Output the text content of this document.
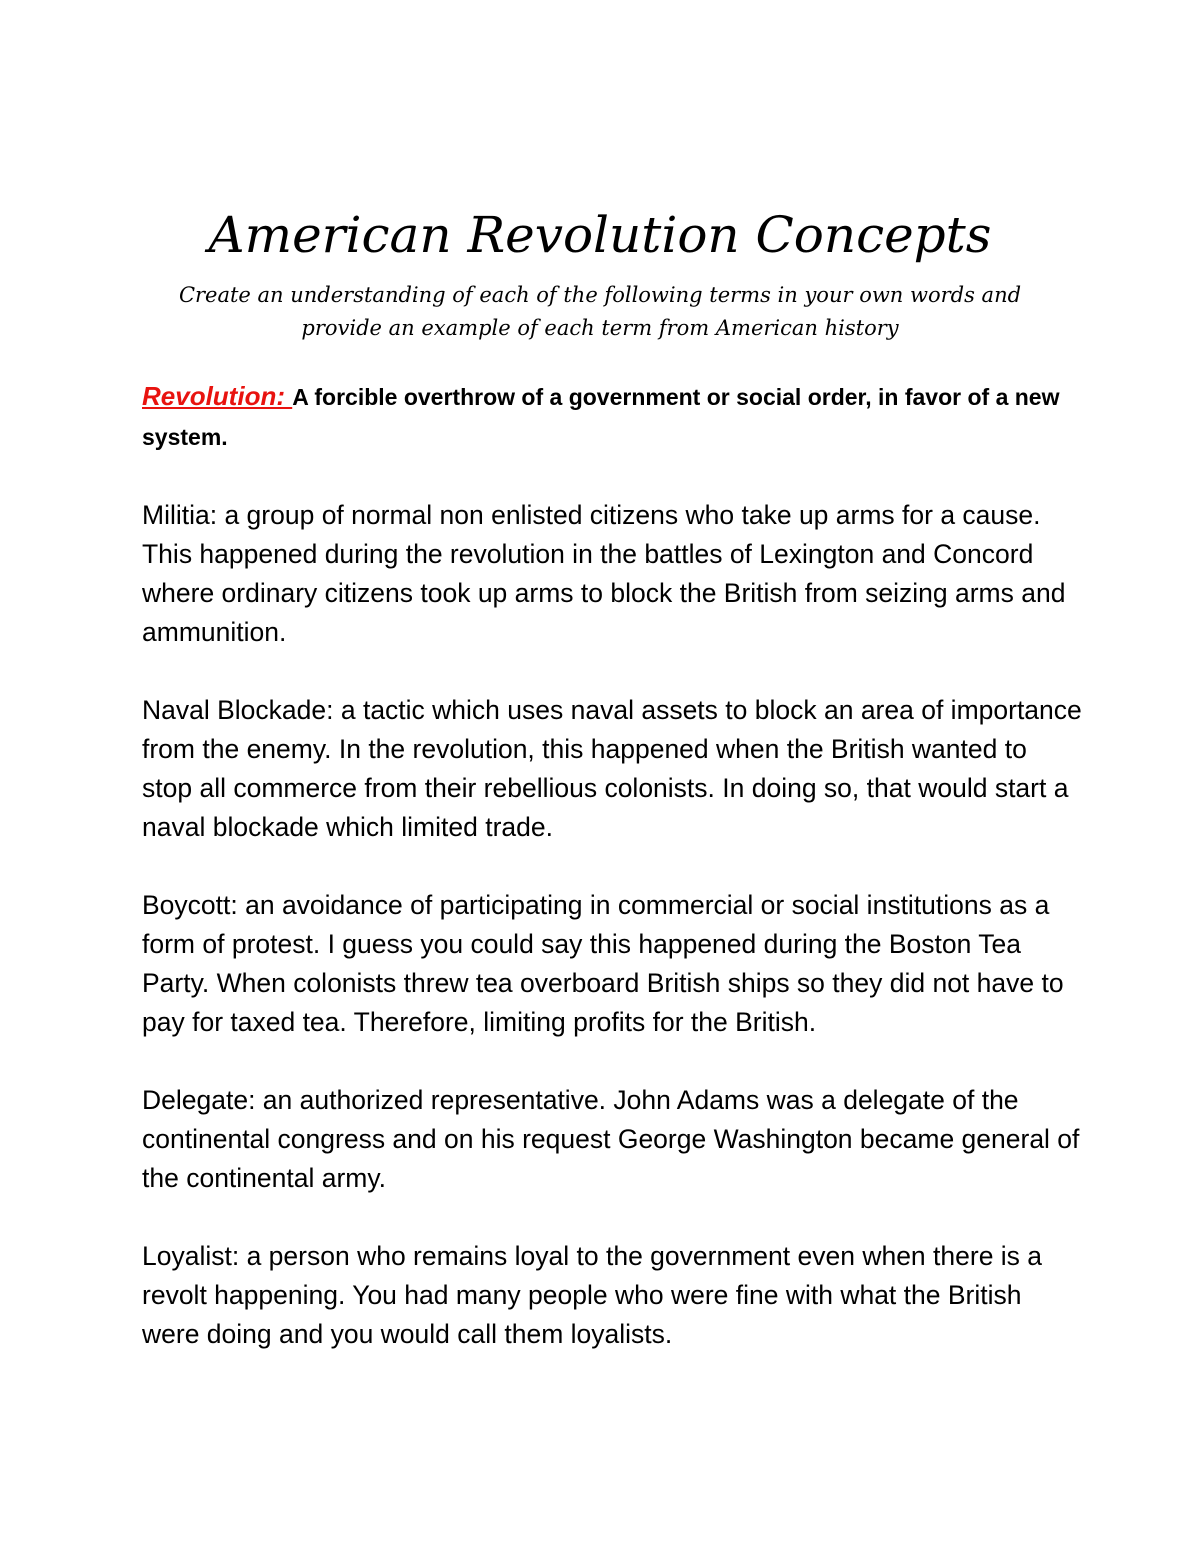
American Revolution Concepts

Create an understanding of each of the following terms in your own words and provide an example of each term from American history

Revolution: A forcible overthrow of a government or social order, in favor of a new system.

Militia: a group of normal non enlisted citizens who take up arms for a cause. This happened during the revolution in the battles of Lexington and Concord where ordinary citizens took up arms to block the British from seizing arms and ammunition.

Naval Blockade: a tactic which uses naval assets to block an area of importance from the enemy. In the revolution, this happened when the British wanted to stop all commerce from their rebellious colonists. In doing so, that would start a naval blockade which limited trade.

Boycott: an avoidance of participating in commercial or social institutions as a form of protest. I guess you could say this happened during the Boston Tea Party. When colonists threw tea overboard British ships so they did not have to pay for taxed tea. Therefore, limiting profits for the British.

Delegate: an authorized representative. John Adams was a delegate of the continental congress and on his request George Washington became general of the continental army.

Loyalist: a person who remains loyal to the government even when there is a revolt happening. You had many people who were fine with what the British were doing and you would call them loyalists.
